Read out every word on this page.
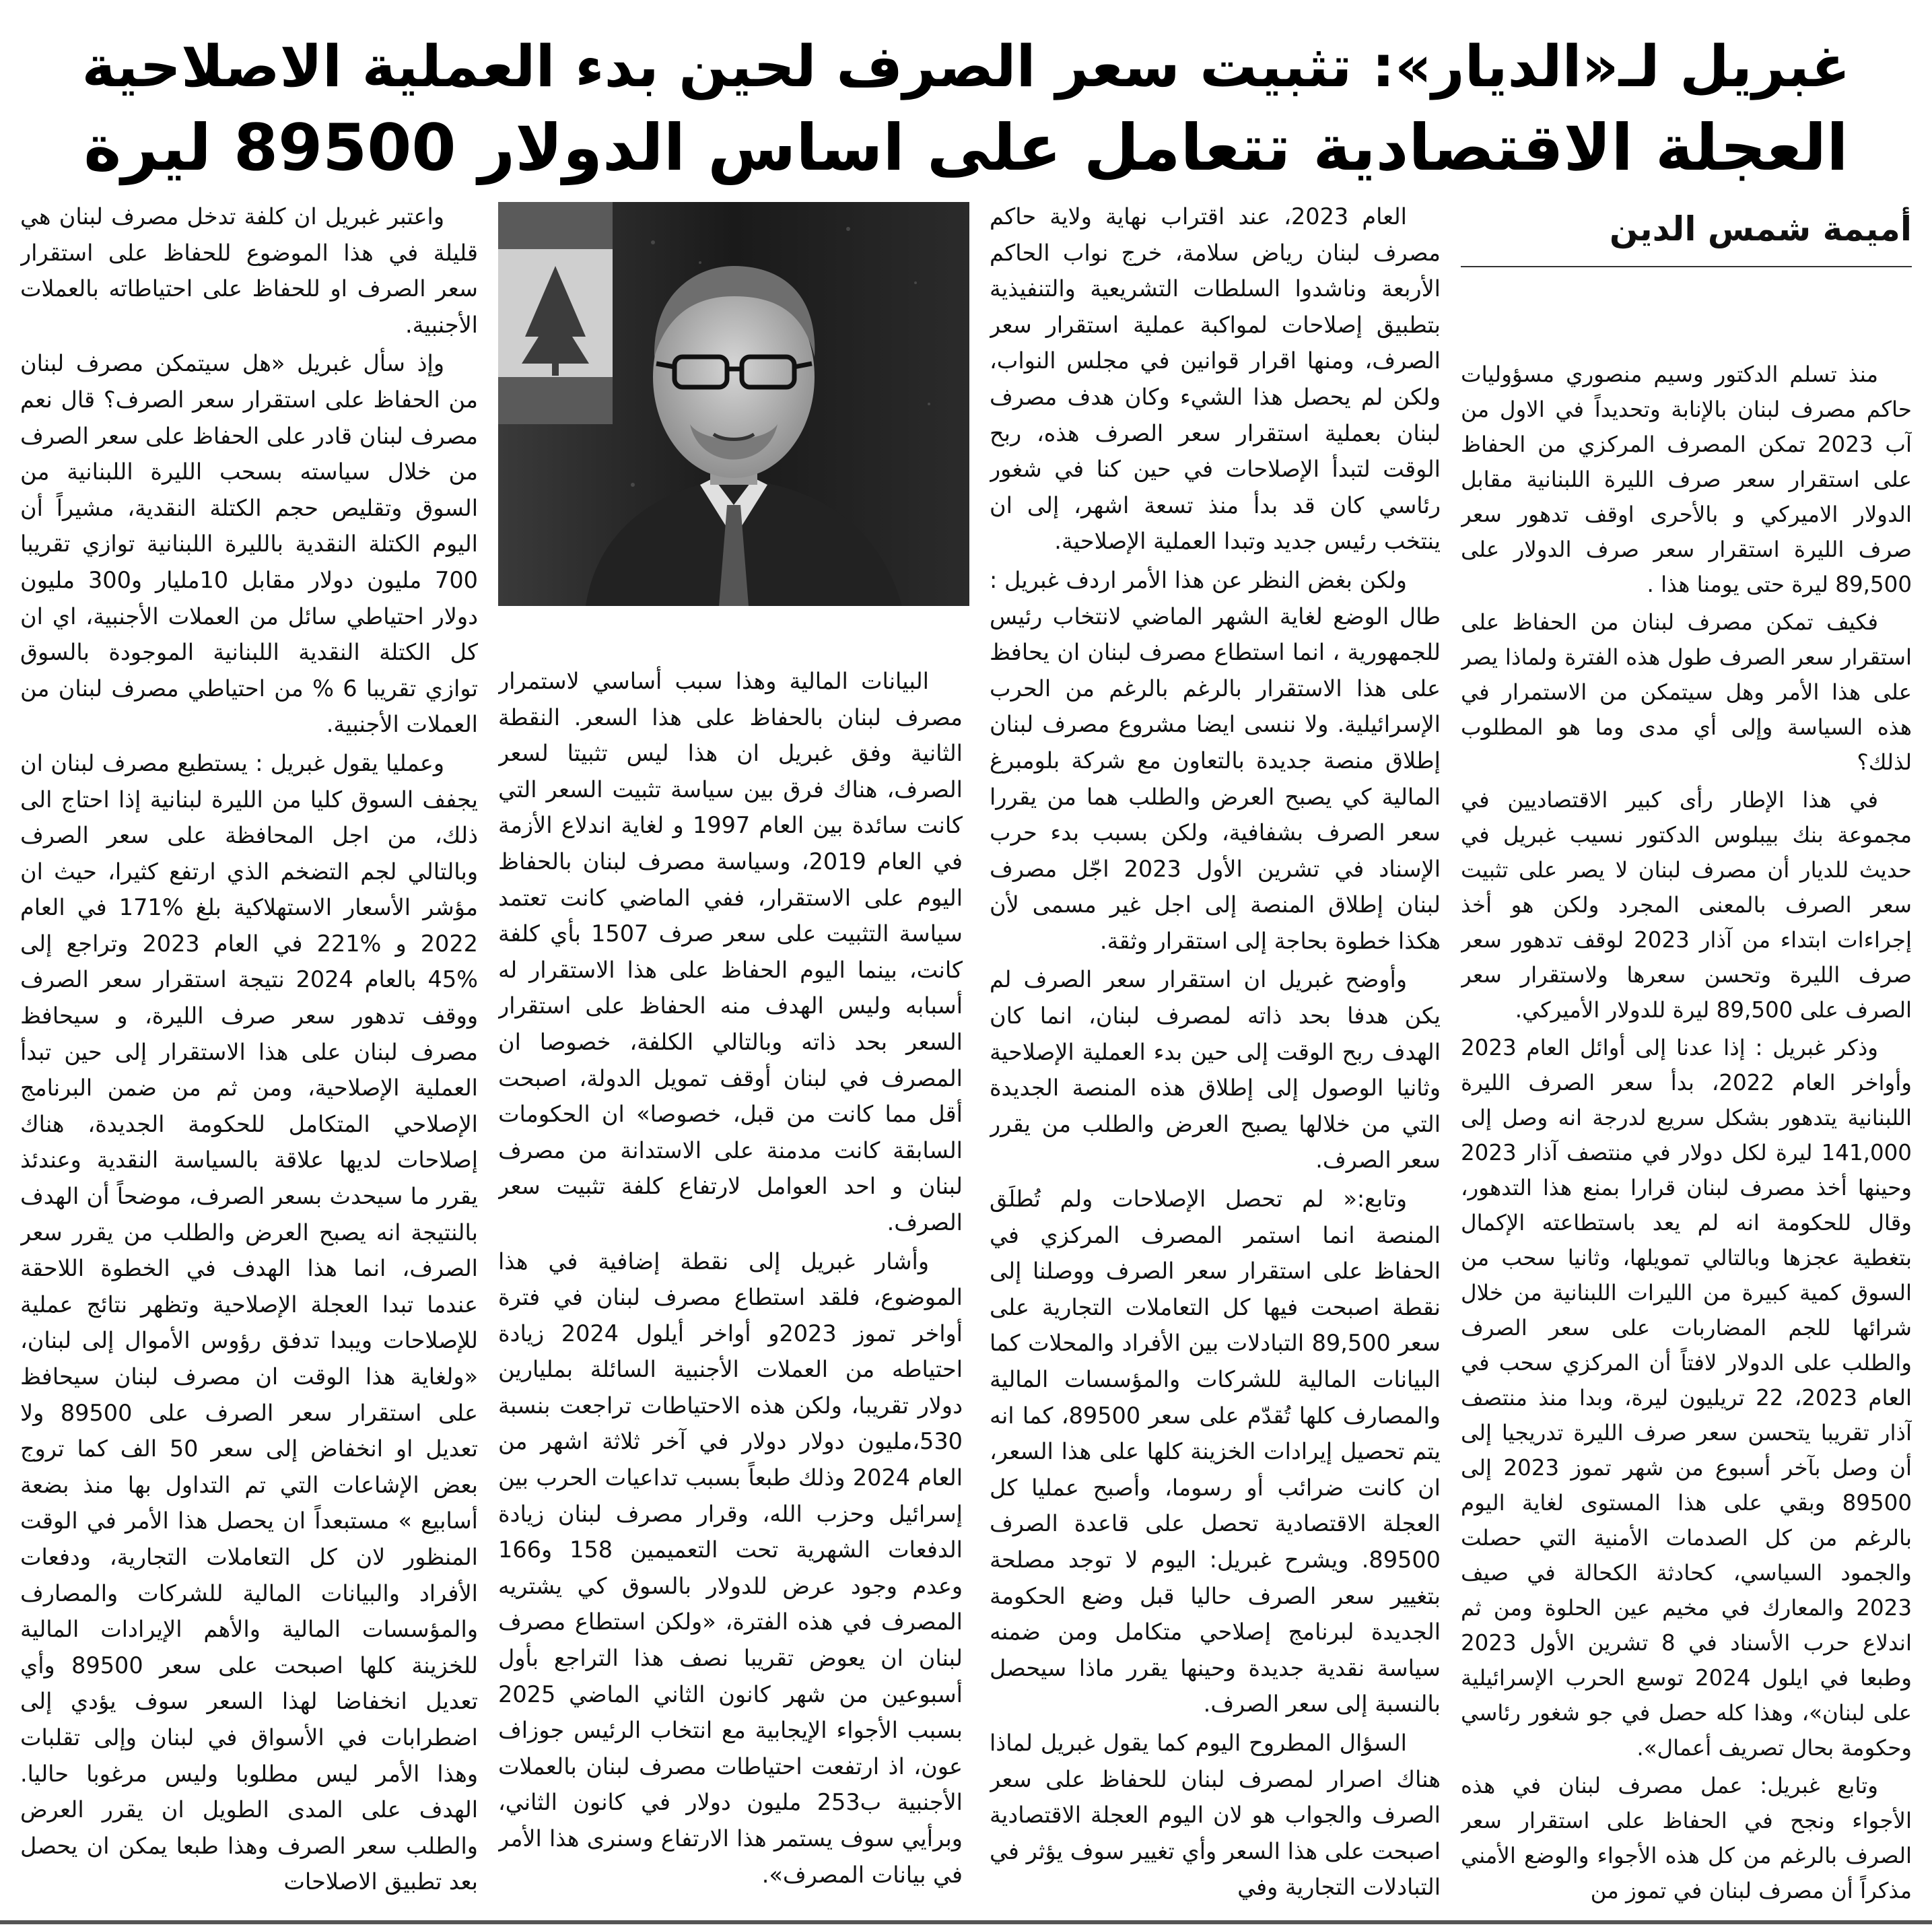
غبريل لـ«الديار»: تثبيت سعر الصرف لحين بدء العملية الاصلاحية
العجلة الاقتصادية تتعامل على اساس الدولار 89500 ليرة
أميمة شمس الدين

منذ تسلم الدكتور وسيم منصوري مسؤوليات حاكم مصرف لبنان بالإنابة وتحديداً في الاول من آب 2023 تمكن المصرف المركزي من الحفاظ على استقرار سعر صرف الليرة اللبنانية مقابل الدولار الاميركي و بالأحرى اوقف تدهور سعر صرف الليرة استقرار سعر صرف الدولار على 89,500 ليرة حتى يومنا هذا .

فكيف تمكن مصرف لبنان من الحفاظ على استقرار سعر الصرف طول هذه الفترة ولماذا يصر على هذا الأمر وهل سيتمكن من الاستمرار في هذه السياسة وإلى أي مدى وما هو المطلوب لذلك؟

في هذا الإطار رأى كبير الاقتصاديين في مجموعة بنك بيبلوس الدكتور نسيب غبريل في حديث للديار أن مصرف لبنان لا يصر على تثبيت سعر الصرف بالمعنى المجرد ولكن هو أخذ إجراءات ابتداء من آذار 2023 لوقف تدهور سعر صرف الليرة وتحسن سعرها ولاستقرار سعر الصرف على 89,500 ليرة للدولار الأميركي.

وذكر غبريل : إذا عدنا إلى أوائل العام 2023 وأواخر العام 2022، بدأ سعر الصرف الليرة اللبنانية يتدهور بشكل سريع لدرجة انه وصل إلى 141,000 ليرة لكل دولار في منتصف آذار 2023 وحينها أخذ مصرف لبنان قرارا بمنع هذا التدهور، وقال للحكومة انه لم يعد باستطاعته الإكمال بتغطية عجزها وبالتالي تمويلها، وثانيا سحب من السوق كمية كبيرة من الليرات اللبنانية من خلال شرائها للجم المضاربات على سعر الصرف والطلب على الدولار لافتاً أن المركزي سحب في العام 2023، 22 تريليون ليرة، وبدا منذ منتصف آذار تقريبا يتحسن سعر صرف الليرة تدريجيا إلى أن وصل بآخر أسبوع من شهر تموز 2023 إلى 89500 وبقي على هذا المستوى لغاية اليوم بالرغم من كل الصدمات الأمنية التي حصلت والجمود السياسي، كحادثة الكحالة في صيف 2023 والمعارك في مخيم عين الحلوة ومن ثم اندلاع حرب الأسناد في 8 تشرين الأول 2023 وطبعا في ايلول 2024 توسع الحرب الإسرائيلية على لبنان»، وهذا كله حصل في جو شغور رئاسي وحكومة بحال تصريف أعمال».

وتابع غبريل: عمل مصرف لبنان في هذه الأجواء ونجح في الحفاظ على استقرار سعر الصرف بالرغم من كل هذه الأجواء والوضع الأمني مذكراً أن مصرف لبنان في تموز من

العام 2023، عند اقتراب نهاية ولاية حاكم مصرف لبنان رياض سلامة، خرج نواب الحاكم الأربعة وناشدوا السلطات التشريعية والتنفيذية بتطبيق إصلاحات لمواكبة عملية استقرار سعر الصرف، ومنها اقرار قوانين في مجلس النواب، ولكن لم يحصل هذا الشيء وكان هدف مصرف لبنان بعملية استقرار سعر الصرف هذه، ربح الوقت لتبدأ الإصلاحات في حين كنا في شغور رئاسي كان قد بدأ منذ تسعة اشهر، إلى ان ينتخب رئيس جديد وتبدا العملية الإصلاحية.

ولكن بغض النظر عن هذا الأمر اردف غبريل : طال الوضع لغاية الشهر الماضي لانتخاب رئيس للجمهورية ، انما استطاع مصرف لبنان ان يحافظ على هذا الاستقرار بالرغم بالرغم من الحرب الإسرائيلية. ولا ننسى ايضا مشروع مصرف لبنان إطلاق منصة جديدة بالتعاون مع شركة بلومبرغ المالية كي يصبح العرض والطلب هما من يقررا سعر الصرف بشفافية، ولكن بسبب بدء حرب الإسناد في تشرين الأول 2023 اجّل مصرف لبنان إطلاق المنصة إلى اجل غير مسمى لأن هكذا خطوة بحاجة إلى استقرار وثقة.

وأوضح غبريل ان استقرار سعر الصرف لم يكن هدفا بحد ذاته لمصرف لبنان، انما كان الهدف ربح الوقت إلى حين بدء العملية الإصلاحية وثانيا الوصول إلى إطلاق هذه المنصة الجديدة التي من خلالها يصبح العرض والطلب من يقرر سعر الصرف.

وتابع:« لم تحصل الإصلاحات ولم تُطلَق المنصة انما استمر المصرف المركزي في الحفاظ على استقرار سعر الصرف ووصلنا إلى نقطة اصبحت فيها كل التعاملات التجارية على سعر 89,500 التبادلات بين الأفراد والمحلات كما البيانات المالية للشركات والمؤسسات المالية والمصارف كلها تُقدّم على سعر 89500، كما انه يتم تحصيل إيرادات الخزينة كلها على هذا السعر، ان كانت ضرائب أو رسوما، وأصبح عمليا كل العجلة الاقتصادية تحصل على قاعدة الصرف 89500. ويشرح غبريل: اليوم لا توجد مصلحة بتغيير سعر الصرف حاليا قبل وضع الحكومة الجديدة لبرنامج إصلاحي متكامل ومن ضمنه سياسة نقدية جديدة وحينها يقرر ماذا سيحصل بالنسبة إلى سعر الصرف.

السؤال المطروح اليوم كما يقول غبريل لماذا هناك اصرار لمصرف لبنان للحفاظ على سعر الصرف والجواب هو لان اليوم العجلة الاقتصادية اصبحت على هذا السعر وأي تغيير سوف يؤثر في التبادلات التجارية وفي

البيانات المالية وهذا سبب أساسي لاستمرار مصرف لبنان بالحفاظ على هذا السعر. النقطة الثانية وفق غبريل ان هذا ليس تثبيتا لسعر الصرف، هناك فرق بين سياسة تثبيت السعر التي كانت سائدة بين العام 1997 و لغاية اندلاع الأزمة في العام 2019، وسياسة مصرف لبنان بالحفاظ اليوم على الاستقرار، ففي الماضي كانت تعتمد سياسة التثبيت على سعر صرف 1507 بأي كلفة كانت، بينما اليوم الحفاظ على هذا الاستقرار له أسبابه وليس الهدف منه الحفاظ على استقرار السعر بحد ذاته وبالتالي الكلفة، خصوصا ان المصرف في لبنان أوقف تمويل الدولة، اصبحت أقل مما كانت من قبل، خصوصا» ان الحكومات السابقة كانت مدمنة على الاستدانة من مصرف لبنان و احد العوامل لارتفاع كلفة تثبيت سعر الصرف.

وأشار غبريل إلى نقطة إضافية في هذا الموضوع، فلقد استطاع مصرف لبنان في فترة أواخر تموز 2023و أواخر أيلول 2024 زيادة احتياطه من العملات الأجنبية السائلة بمليارين دولار تقريبا، ولكن هذه الاحتياطات تراجعت بنسبة 530،مليون دولار دولار في آخر ثلاثة اشهر من العام 2024 وذلك طبعاً بسبب تداعيات الحرب بين إسرائيل وحزب الله، وقرار مصرف لبنان زيادة الدفعات الشهرية تحت التعميمين 158 و166 وعدم وجود عرض للدولار بالسوق كي يشتريه المصرف في هذه الفترة، «ولكن استطاع مصرف لبنان ان يعوض تقريبا نصف هذا التراجع بأول أسبوعين من شهر كانون الثاني الماضي 2025 بسبب الأجواء الإيجابية مع انتخاب الرئيس جوزاف عون، اذ ارتفعت احتياطات مصرف لبنان بالعملات الأجنبية ب253 مليون دولار في كانون الثاني، وبرأيي سوف يستمر هذا الارتفاع وسنرى هذا الأمر في بيانات المصرف».

واعتبر غبريل ان كلفة تدخل مصرف لبنان هي قليلة في هذا الموضوع للحفاظ على استقرار سعر الصرف او للحفاظ على احتياطاته بالعملات الأجنبية.

وإذ سأل غبريل «هل سيتمكن مصرف لبنان من الحفاظ على استقرار سعر الصرف؟ قال نعم مصرف لبنان قادر على الحفاظ على سعر الصرف من خلال سياسته بسحب الليرة اللبنانية من السوق وتقليص حجم الكتلة النقدية، مشيراً أن اليوم الكتلة النقدية بالليرة اللبنانية توازي تقريبا 700 مليون دولار مقابل 10مليار و300 مليون دولار احتياطي سائل من العملات الأجنبية، اي ان كل الكتلة النقدية اللبنانية الموجودة بالسوق توازي تقريبا 6 % من احتياطي مصرف لبنان من العملات الأجنبية.

وعمليا يقول غبريل : يستطيع مصرف لبنان ان يجفف السوق كليا من الليرة لبنانية إذا احتاج الى ذلك، من اجل المحافظة على سعر الصرف وبالتالي لجم التضخم الذي ارتفع كثيرا، حيث ان مؤشر الأسعار الاستهلاكية بلغ %171 في العام 2022 و %221 في العام 2023 وتراجع إلى %45 بالعام 2024 نتيجة استقرار سعر الصرف ووقف تدهور سعر صرف الليرة، و سيحافظ مصرف لبنان على هذا الاستقرار إلى حين تبدأ العملية الإصلاحية، ومن ثم من ضمن البرنامج الإصلاحي المتكامل للحكومة الجديدة، هناك إصلاحات لديها علاقة بالسياسة النقدية وعندئذ يقرر ما سيحدث بسعر الصرف، موضحاً أن الهدف بالنتيجة انه يصبح العرض والطلب من يقرر سعر الصرف، انما هذا الهدف في الخطوة اللاحقة عندما تبدا العجلة الإصلاحية وتظهر نتائج عملية للإصلاحات ويبدا تدفق رؤوس الأموال إلى لبنان، «ولغاية هذا الوقت ان مصرف لبنان سيحافظ على استقرار سعر الصرف على 89500 ولا تعديل او انخفاض إلى سعر 50 الف كما تروج بعض الإشاعات التي تم التداول بها منذ بضعة أسابيع » مستبعداً ان يحصل هذا الأمر في الوقت المنظور لان كل التعاملات التجارية، ودفعات الأفراد والبيانات المالية للشركات والمصارف والمؤسسات المالية والأهم الإيرادات المالية للخزينة كلها اصبحت على سعر 89500 وأي تعديل انخفاضا لهذا السعر سوف يؤدي إلى اضطرابات في الأسواق في لبنان وإلى تقلبات وهذا الأمر ليس مطلوبا وليس مرغوبا حاليا. الهدف على المدى الطويل ان يقرر العرض والطلب سعر الصرف وهذا طبعا يمكن ان يحصل بعد تطبيق الاصلاحات
